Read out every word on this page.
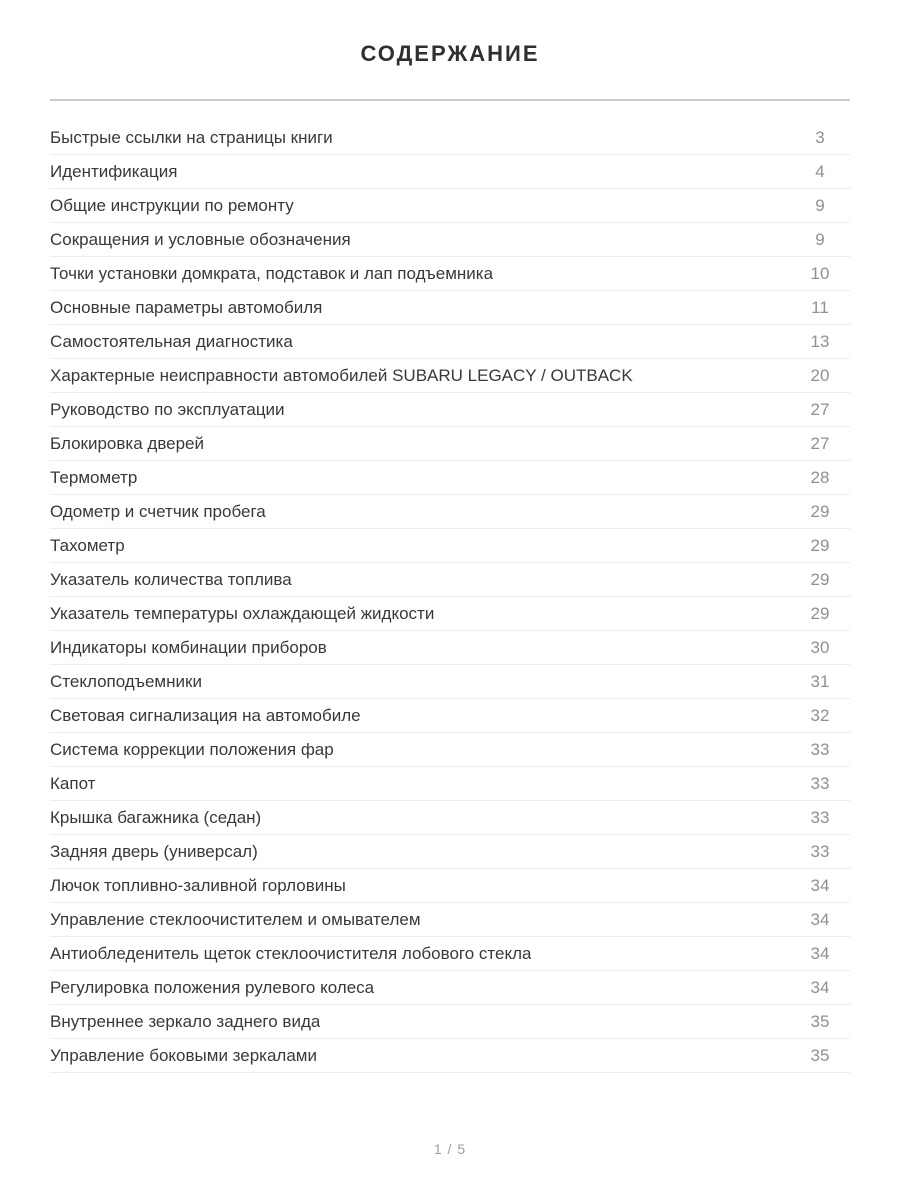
СОДЕРЖАНИЕ
Быстрые ссылки на страницы книги	3
Идентификация	4
Общие инструкции по ремонту	9
Сокращения и условные обозначения	9
Точки установки домкрата, подставок и лап подъемника	10
Основные параметры автомобиля	11
Самостоятельная диагностика	13
Характерные неисправности автомобилей SUBARU LEGACY / OUTBACK	20
Руководство по эксплуатации	27
Блокировка дверей	27
Термометр	28
Одометр и счетчик пробега	29
Тахометр	29
Указатель количества топлива	29
Указатель температуры охлаждающей жидкости	29
Индикаторы комбинации приборов	30
Стеклоподъемники	31
Световая сигнализация на автомобиле	32
Система коррекции положения фар	33
Капот	33
Крышка багажника (седан)	33
Задняя дверь (универсал)	33
Лючок топливно-заливной горловины	34
Управление стеклоочистителем и омывателем	34
Антиобледенитель щеток стеклоочистителя лобового стекла	34
Регулировка положения рулевого колеса	34
Внутреннее зеркало заднего вида	35
Управление боковыми зеркалами	35
1 / 5
